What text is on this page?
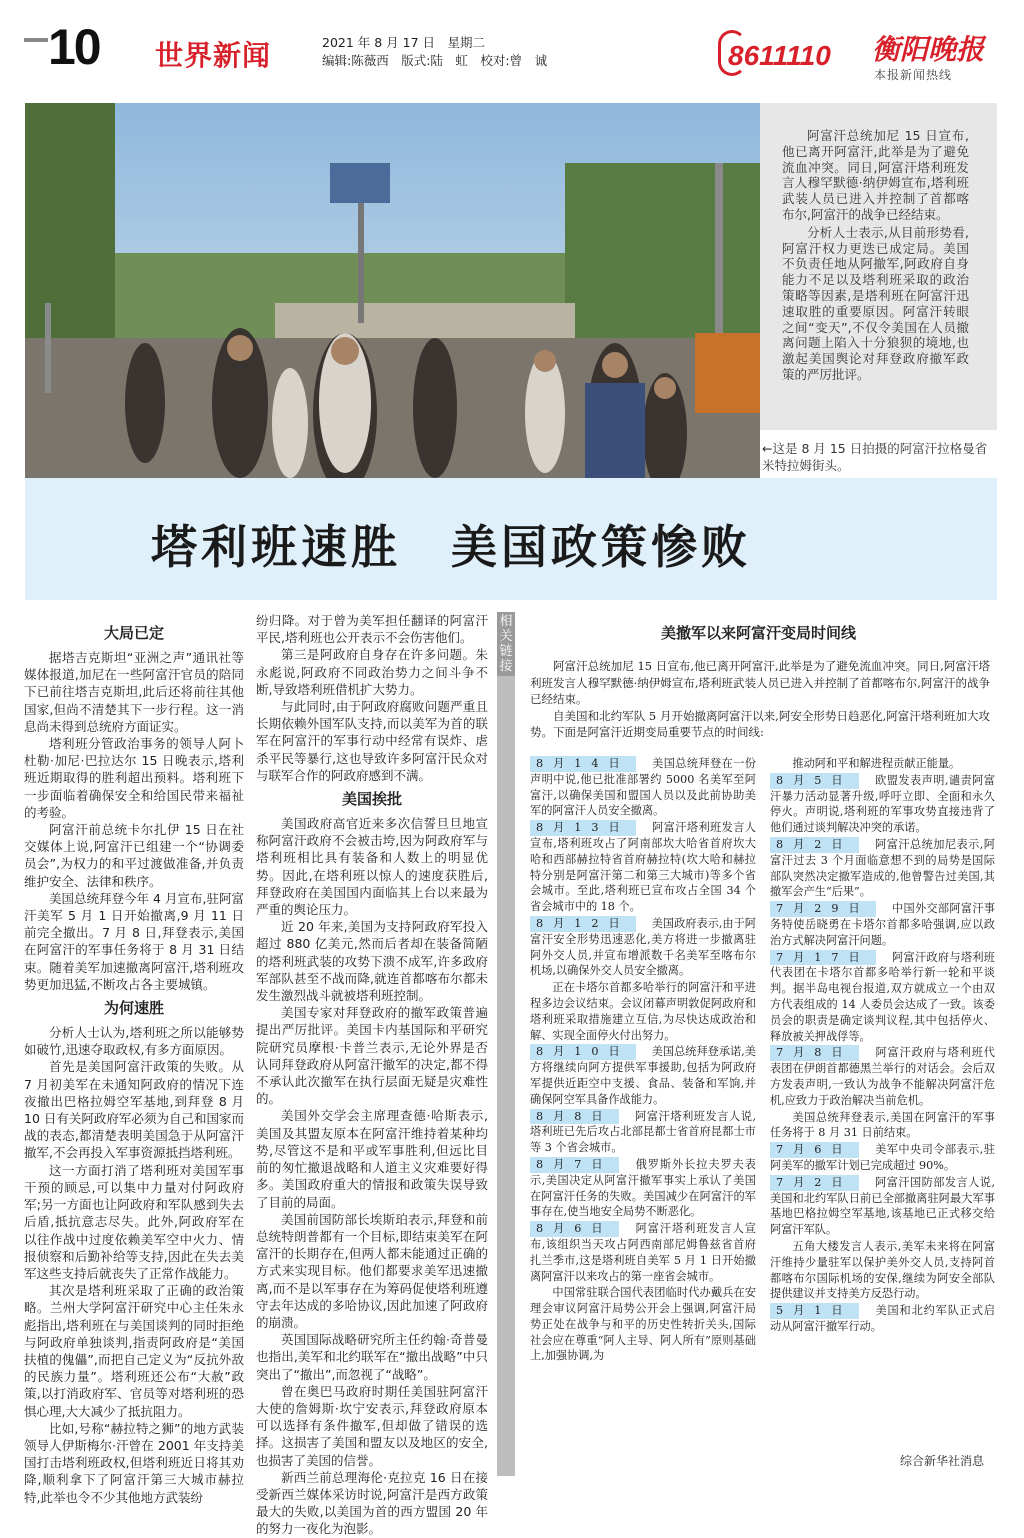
10 世界新闻	2021 年 8 月 17 日　星期二
编辑:陈薇西　版式:陆　虹　校对:曾　诚	8611110 衡阳晚报
本报新闻热线

阿富汗总统加尼 15 日宣布,他已离开阿富汗,此举是为了避免流血冲突。同日,阿富汗塔利班发言人穆罕默德·纳伊姆宣布,塔利班武装人员已进入并控制了首都喀布尔,阿富汗的战争已经结束。

分析人士表示,从目前形势看,阿富汗权力更迭已成定局。美国不负责任地从阿撤军,阿政府自身能力不足以及塔利班采取的政治策略等因素,是塔利班在阿富汗迅速取胜的重要原因。阿富汗转眼之间“变天”,不仅令美国在人员撤离问题上陷入十分狼狈的境地,也激起美国舆论对拜登政府撤军政策的严厉批评。

←这是 8 月 15 日拍摄的阿富汗拉格曼省米特拉姆街头。
塔利班速胜　美国政策惨败
大局已定

据塔吉克斯坦“亚洲之声”通讯社等媒体报道,加尼在一些阿富汗官员的陪同下已前往塔吉克斯坦,此后还将前往其他国家,但尚不清楚其下一步行程。这一消息尚未得到总统府方面证实。

塔利班分管政治事务的领导人阿卜杜勒·加尼·巴拉达尔 15 日晚表示,塔利班近期取得的胜利超出预料。塔利班下一步面临着确保安全和给国民带来福祉的考验。

阿富汗前总统卡尔扎伊 15 日在社交媒体上说,阿富汗已组建一个“协调委员会”,为权力的和平过渡做准备,并负责维护安全、法律和秩序。

美国总统拜登今年 4 月宣布,驻阿富汗美军 5 月 1 日开始撤离,9 月 11 日前完全撤出。7 月 8 日,拜登表示,美国在阿富汗的军事任务将于 8 月 31 日结束。随着美军加速撤离阿富汗,塔利班攻势更加迅猛,不断攻占各主要城镇。

为何速胜

分析人士认为,塔利班之所以能够势如破竹,迅速夺取政权,有多方面原因。

首先是美国阿富汗政策的失败。从 7 月初美军在未通知阿政府的情况下连夜撤出巴格拉姆空军基地,到拜登 8 月 10 日有关阿政府军必须为自己和国家而战的表态,都清楚表明美国急于从阿富汗撤军,不会再投入军事资源抵挡塔利班。

这一方面打消了塔利班对美国军事干预的顾忌,可以集中力量对付阿政府军;另一方面也让阿政府和军队感到失去后盾,抵抗意志尽失。此外,阿政府军在以往作战中过度依赖美军空中火力、情报侦察和后勤补给等支持,因此在失去美军这些支持后就丧失了正常作战能力。

其次是塔利班采取了正确的政治策略。兰州大学阿富汗研究中心主任朱永彪指出,塔利班在与美国谈判的同时拒绝与阿政府单独谈判,指责阿政府是“美国扶植的傀儡”,而把自己定义为“反抗外敌的民族力量”。塔利班还公布“大赦”政策,以打消政府军、官员等对塔利班的恐惧心理,大大减少了抵抗阻力。

比如,号称“赫拉特之狮”的地方武装领导人伊斯梅尔·汗曾在 2001 年支持美国打击塔利班政权,但塔利班近日将其劝降,顺利拿下了阿富汗第三大城市赫拉特,此举也令不少其他地方武装纷

纷归降。对于曾为美军担任翻译的阿富汗平民,塔利班也公开表示不会伤害他们。

第三是阿政府自身存在许多问题。朱永彪说,阿政府不同政治势力之间斗争不断,导致塔利班借机扩大势力。

与此同时,由于阿政府腐败问题严重且长期依赖外国军队支持,而以美军为首的联军在阿富汗的军事行动中经常有误炸、虐杀平民等暴行,这也导致许多阿富汗民众对与联军合作的阿政府感到不满。

美国挨批

美国政府高官近来多次信誓旦旦地宣称阿富汗政府不会被击垮,因为阿政府军与塔利班相比具有装备和人数上的明显优势。因此,在塔利班以惊人的速度获胜后,拜登政府在美国国内面临其上台以来最为严重的舆论压力。

近 20 年来,美国为支持阿政府军投入超过 880 亿美元,然而后者却在装备简陋的塔利班武装的攻势下溃不成军,许多政府军部队甚至不战而降,就连首都喀布尔都未发生激烈战斗就被塔利班控制。

美国专家对拜登政府的撤军政策普遍提出严厉批评。美国卡内基国际和平研究院研究员摩根·卡普兰表示,无论外界是否认同拜登政府从阿富汗撤军的决定,都不得不承认此次撤军在执行层面无疑是灾难性的。

美国外交学会主席理查德·哈斯表示,美国及其盟友原本在阿富汗维持着某种均势,尽管这不是和平或军事胜利,但远比目前的匆忙撤退战略和人道主义灾难要好得多。美国政府重大的情报和政策失误导致了目前的局面。

美国前国防部长埃斯珀表示,拜登和前总统特朗普都有一个目标,即结束美军在阿富汗的长期存在,但两人都未能通过正确的方式来实现目标。他们都要求美军迅速撤离,而不是以军事存在为筹码促使塔利班遵守去年达成的多哈协议,因此加速了阿政府的崩溃。

英国国际战略研究所主任约翰·奇普曼也指出,美军和北约联军在“撤出战略”中只突出了“撤出”,而忽视了“战略”。

曾在奥巴马政府时期任美国驻阿富汗大使的詹姆斯·坎宁安表示,拜登政府原本可以选择有条件撤军,但却做了错误的选择。这损害了美国和盟友以及地区的安全,也损害了美国的信誉。

新西兰前总理海伦·克拉克 16 日在接受新西兰媒体采访时说,阿富汗是西方政策最大的失败,以美国为首的西方盟国 20 年的努力一夜化为泡影。

相关链接
美撤军以来阿富汗变局时间线

阿富汗总统加尼 15 日宣布,他已离开阿富汗,此举是为了避免流血冲突。同日,阿富汗塔利班发言人穆罕默德·纳伊姆宣布,塔利班武装人员已进入并控制了首都喀布尔,阿富汗的战争已经结束。

自美国和北约军队 5 月开始撤离阿富汗以来,阿安全形势日趋恶化,阿富汗塔利班加大攻势。下面是阿富汗近期变局重要节点的时间线:

8月14日 美国总统拜登在一份声明中说,他已批准部署约 5000 名美军至阿富汗,以确保美国和盟国人员以及此前协助美军的阿富汗人员安全撤离。

8月13日 阿富汗塔利班发言人宣布,塔利班攻占了阿南部坎大哈省首府坎大哈和西部赫拉特省首府赫拉特(坎大哈和赫拉特分别是阿富汗第二和第三大城市)等多个省会城市。至此,塔利班已宣布攻占全国 34 个省会城市中的 18 个。

8月12日 美国政府表示,由于阿富汗安全形势迅速恶化,美方将进一步撤离驻阿外交人员,并宣布增派数千名美军至喀布尔机场,以确保外交人员安全撤离。

正在卡塔尔首都多哈举行的阿富汗和平进程多边会议结束。会议闭幕声明敦促阿政府和塔利班采取措施建立互信,为尽快达成政治和解、实现全面停火付出努力。

8月10日 美国总统拜登承诺,美方将继续向阿方提供军事援助,包括为阿政府军提供近距空中支援、食品、装备和军饷,并确保阿空军具备作战能力。

8月8日 阿富汗塔利班发言人说,塔利班已先后攻占北部昆都士省首府昆都士市等 3 个省会城市。

8月7日 俄罗斯外长拉夫罗夫表示,美国决定从阿富汗撤军事实上承认了美国在阿富汗任务的失败。美国减少在阿富汗的军事存在,使当地安全局势不断恶化。

8月6日 阿富汗塔利班发言人宣布,该组织当天攻占阿西南部尼姆鲁兹省首府扎兰季市,这是塔利班自美军 5 月 1 日开始撤离阿富汗以来攻占的第一座省会城市。

中国常驻联合国代表团临时代办戴兵在安理会审议阿富汗局势公开会上强调,阿富汗局势正处在战争与和平的历史性转折关头,国际社会应在尊重“阿人主导、阿人所有”原则基础上,加强协调,为

推动阿和平和解进程贡献正能量。

8月5日 欧盟发表声明,谴责阿富汗暴力活动显著升级,呼吁立即、全面和永久停火。声明说,塔利班的军事攻势直接违背了他们通过谈判解决冲突的承诺。

8月2日 阿富汗总统加尼表示,阿富汗过去 3 个月面临意想不到的局势是国际部队突然决定撤军造成的,他曾警告过美国,其撤军会产生“后果”。

7月29日 中国外交部阿富汗事务特使岳晓勇在卡塔尔首都多哈强调,应以政治方式解决阿富汗问题。

7月17日 阿富汗政府与塔利班代表团在卡塔尔首都多哈举行新一轮和平谈判。据半岛电视台报道,双方就成立一个由双方代表组成的 14 人委员会达成了一致。该委员会的职责是确定谈判议程,其中包括停火、释放被关押战俘等。

7月8日 阿富汗政府与塔利班代表团在伊朗首都德黑兰举行的对话会。会后双方发表声明,一致认为战争不能解决阿富汗危机,应致力于政治解决当前危机。

美国总统拜登表示,美国在阿富汗的军事任务将于 8 月 31 日前结束。

7月6日 美军中央司令部表示,驻阿美军的撤军计划已完成超过 90%。

7月2日 阿富汗国防部发言人说,美国和北约军队日前已全部撤离驻阿最大军事基地巴格拉姆空军基地,该基地已正式移交给阿富汗军队。

五角大楼发言人表示,美军未来将在阿富汗维持少量驻军以保护美外交人员,支持阿首都喀布尔国际机场的安保,继续为阿安全部队提供建议并支持美方反恐行动。

5月1日 美国和北约军队正式启动从阿富汗撤军行动。

综合新华社消息
